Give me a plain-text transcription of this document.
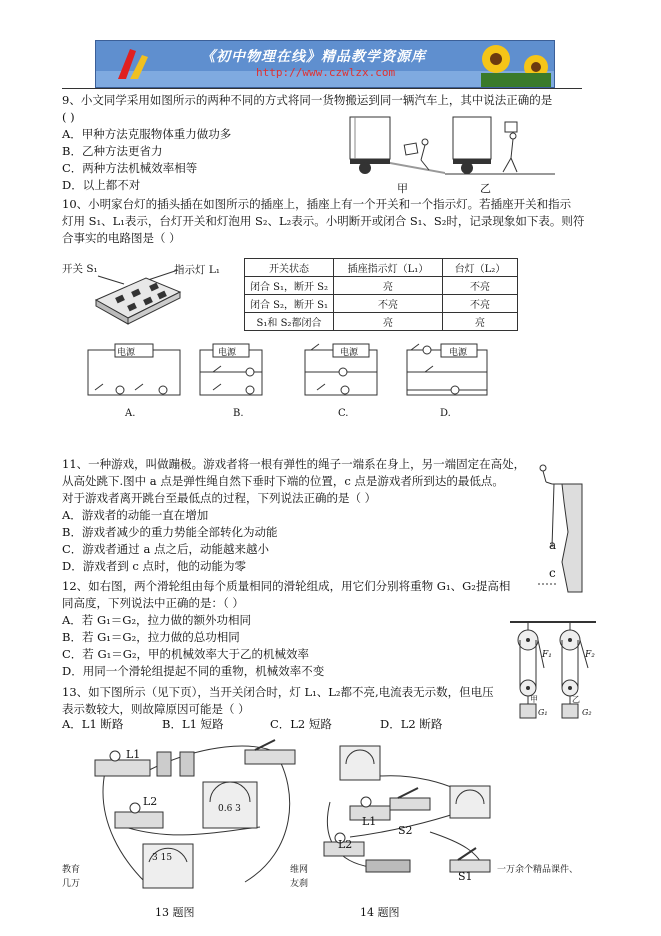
《初中物理在线》精品教学资源库
http://www.czwlzx.com
9、小文同学采用如图所示的两种不同的方式将同一货物搬运到同一辆汽车上，其中说法正确的是
( )
A．甲种方法克服物体重力做功多
B．乙种方法更省力
C．两种方法机械效率相等
D．以上都不对	甲	乙
10、小明家台灯的插头插在如图所示的插座上，插座上有一个开关和一个指示灯。若插座开关和指示
灯用 S₁、L₁表示，台灯开关和灯泡用 S₂、L₂表示。小明断开或闭合 S₁、S₂时，记录现象如下表。则符
合事实的电路图是（ ）
开关 S₁	指示灯 L₁	开关状态	插座指示灯（L₁）	台灯（L₂）
闭合 S₁，断开 S₂	亮	不亮
闭合 S₂，断开 S₁	不亮	不亮
S₁和 S₂都闭合	亮	亮
电源	电源	电源	电源
A.	B.	C.	D.
11、一种游戏，叫做蹦极。游戏者将一根有弹性的绳子一端系在身上，另一端固定在高处，
从高处跳下.图中 a 点是弹性绳自然下垂时下端的位置，c 点是游戏者所到达的最低点。
对于游戏者离开跳台至最低点的过程，下列说法正确的是（ ）
A．游戏者的动能一直在增加
B．游戏者减少的重力势能全部转化为动能
C．游戏者通过 a 点之后，动能越来越小
D．游戏者到 c 点时，他的动能为零
a
c
12、如右图，两个滑轮组由每个质量相同的滑轮组成，用它们分别将重物 G₁、G₂提高相
同高度，下列说法中正确的是：（ ）
A．若 G₁＝G₂，拉力做的额外功相同
B．若 G₁＝G₂，拉力做的总功相同
C．若 G₁＝G₂，甲的机械效率大于乙的机械效率
D．用同一个滑轮组提起不同的重物，机械效率不变
F₁	F₂
甲	乙
G₁	G₂
13、如下图所示（见下页），当开关闭合时，灯 L₁、L₂都不亮,电流表无示数，但电压
表示数较大，则故障原因可能是（ ）
A．L1 断路	B．L1 短路	C．L2 短路	D．L2 断路
L1
L2
3 15
0.6 3
L1
L2
S2
S1
教育
几万
维网
友刹
一万余个精品课件、
13 题图	14 题图
